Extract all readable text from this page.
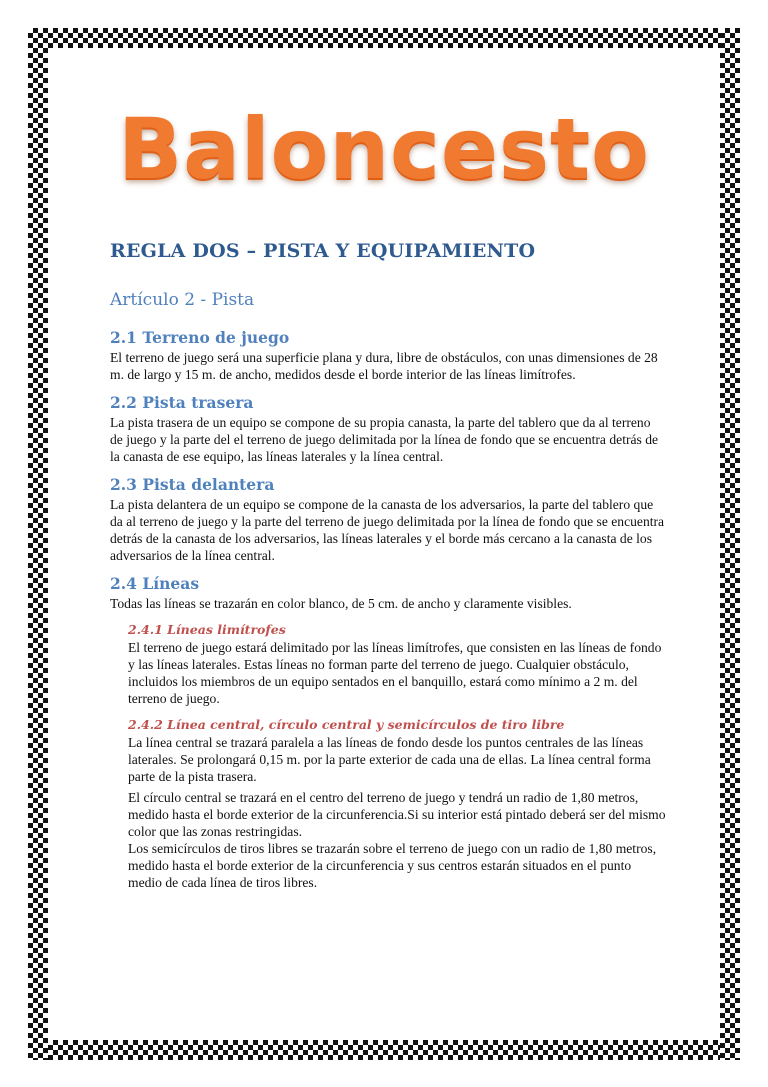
Baloncesto
REGLA DOS – PISTA Y EQUIPAMIENTO
Artículo 2 - Pista
2.1 Terreno de juego

El terreno de juego será una superficie plana y dura, libre de obstáculos, con unas dimensiones de 28 m. de largo y 15 m. de ancho, medidos desde el borde interior de las líneas limítrofes.

2.2 Pista trasera

La pista trasera de un equipo se compone de su propia canasta, la parte del tablero que da al terreno de juego y la parte del el terreno de juego delimitada por la línea de fondo que se encuentra detrás de la canasta de ese equipo, las líneas laterales y la línea central.

2.3 Pista delantera

La pista delantera de un equipo se compone de la canasta de los adversarios, la parte del tablero que da al terreno de juego y la parte del terreno de juego delimitada por la línea de fondo que se encuentra detrás de la canasta de los adversarios, las líneas laterales y el borde más cercano a la canasta de los adversarios de la línea central.

2.4 Líneas

Todas las líneas se trazarán en color blanco, de 5 cm. de ancho y claramente visibles.

2.4.1 Líneas limítrofes

El terreno de juego estará delimitado por las líneas limítrofes, que consisten en las líneas de fondo y las líneas laterales. Estas líneas no forman parte del terreno de juego. Cualquier obstáculo, incluidos los miembros de un equipo sentados en el banquillo, estará como mínimo a 2 m. del terreno de juego.

2.4.2 Línea central, círculo central y semicírculos de tiro libre

La línea central se trazará paralela a las líneas de fondo desde los puntos centrales de las líneas laterales. Se prolongará 0,15 m. por la parte exterior de cada una de ellas. La línea central forma parte de la pista trasera.

El círculo central se trazará en el centro del terreno de juego y tendrá un radio de 1,80 metros, medido hasta el borde exterior de la circunferencia.Si su interior está pintado deberá ser del mismo color que las zonas restringidas.

Los semicírculos de tiros libres se trazarán sobre el terreno de juego con un radio de 1,80 metros, medido hasta el borde exterior de la circunferencia y sus centros estarán situados en el punto medio de cada línea de tiros libres.
